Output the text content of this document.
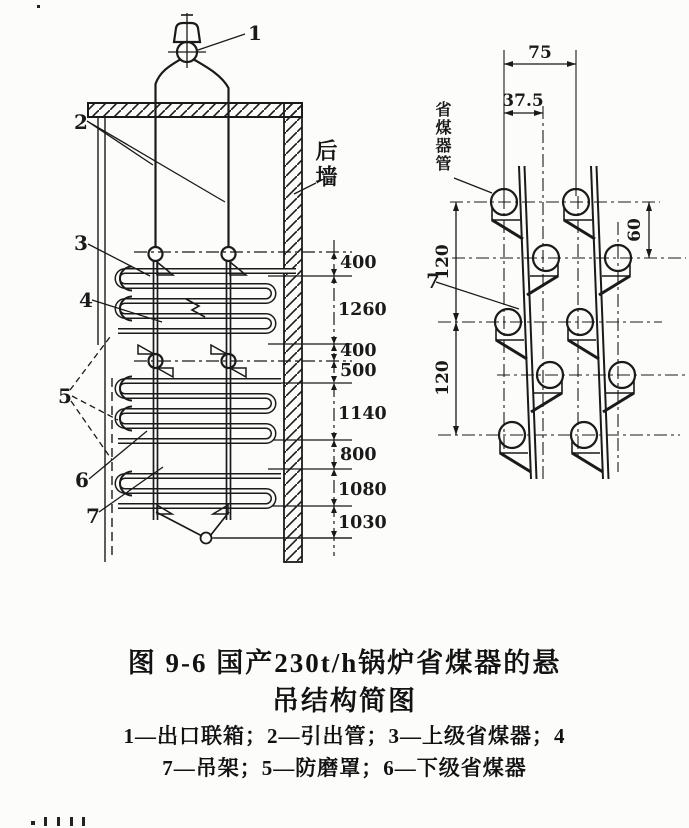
1
2
3
4
5
6
7
400
1260
400
500
1140
800
1080
1030
75
37.5
120
120
60
7
后墙	省煤器管
图 9-6 国产230t/h锅炉省煤器的悬
吊结构简图
1—出口联箱；2—引出管；3—上级省煤器；4
7—吊架；5—防磨罩；6—下级省煤器
